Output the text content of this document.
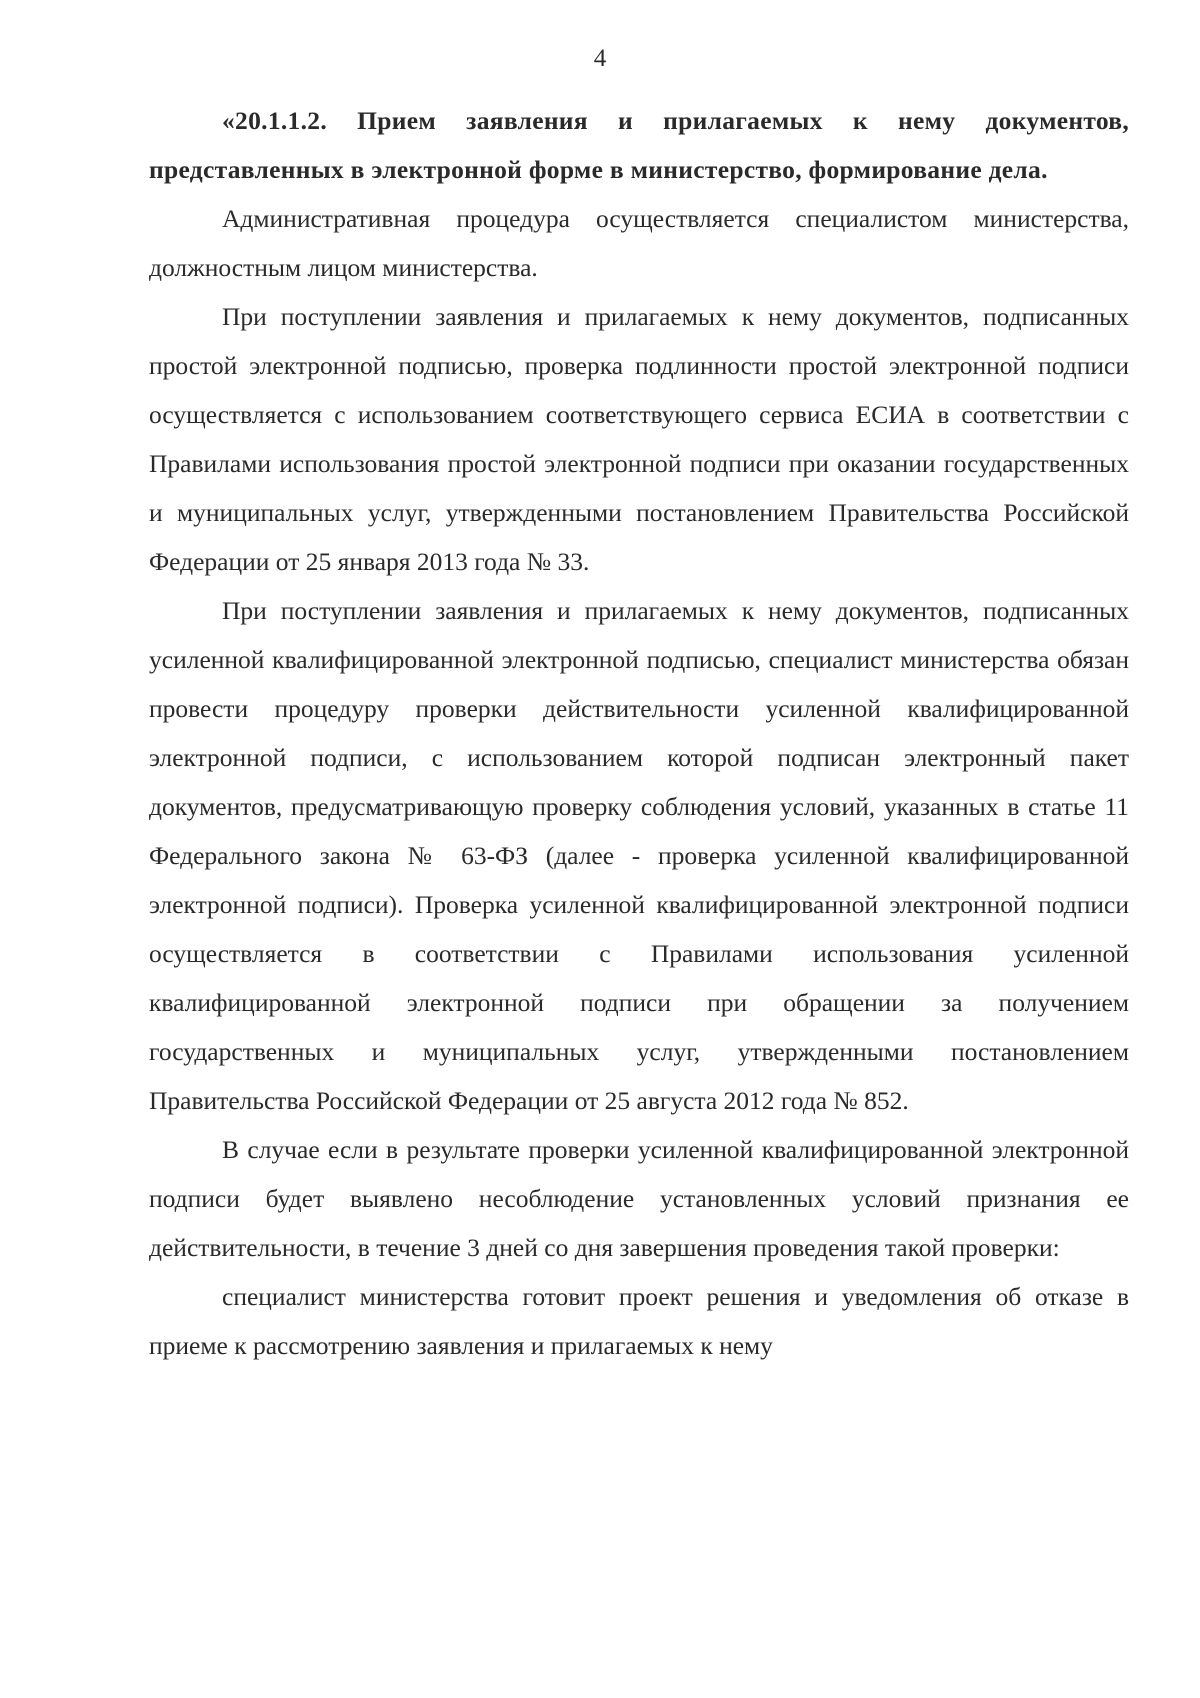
4

«20.1.1.2. Прием заявления и прилагаемых к нему документов, представленных в электронной форме в министерство, формирование дела.

Административная процедура осуществляется специалистом министерства, должностным лицом министерства.

При поступлении заявления и прилагаемых к нему документов, подписанных простой электронной подписью, проверка подлинности простой электронной подписи осуществляется с использованием соответствующего сервиса ЕСИА в соответствии с Правилами использования простой электронной подписи при оказании государственных и муниципальных услуг, утвержденными постановлением Правительства Российской Федерации от 25 января 2013 года № 33.

При поступлении заявления и прилагаемых к нему документов, подписанных усиленной квалифицированной электронной подписью, специалист министерства обязан провести процедуру проверки действительности усиленной квалифицированной электронной подписи, с использованием которой подписан электронный пакет документов, предусматривающую проверку соблюдения условий, указанных в статье 11 Федерального закона № 63-ФЗ (далее - проверка усиленной квалифицированной электронной подписи). Проверка усиленной квалифицированной электронной подписи осуществляется в соответствии с Правилами использования усиленной квалифицированной электронной подписи при обращении за получением государственных и муниципальных услуг, утвержденными постановлением Правительства Российской Федерации от 25 августа 2012 года № 852.

В случае если в результате проверки усиленной квалифицированной электронной подписи будет выявлено несоблюдение установленных условий признания ее действительности, в течение 3 дней со дня завершения проведения такой проверки:

специалист министерства готовит проект решения и уведомления об отказе в приеме к рассмотрению заявления и прилагаемых к нему
